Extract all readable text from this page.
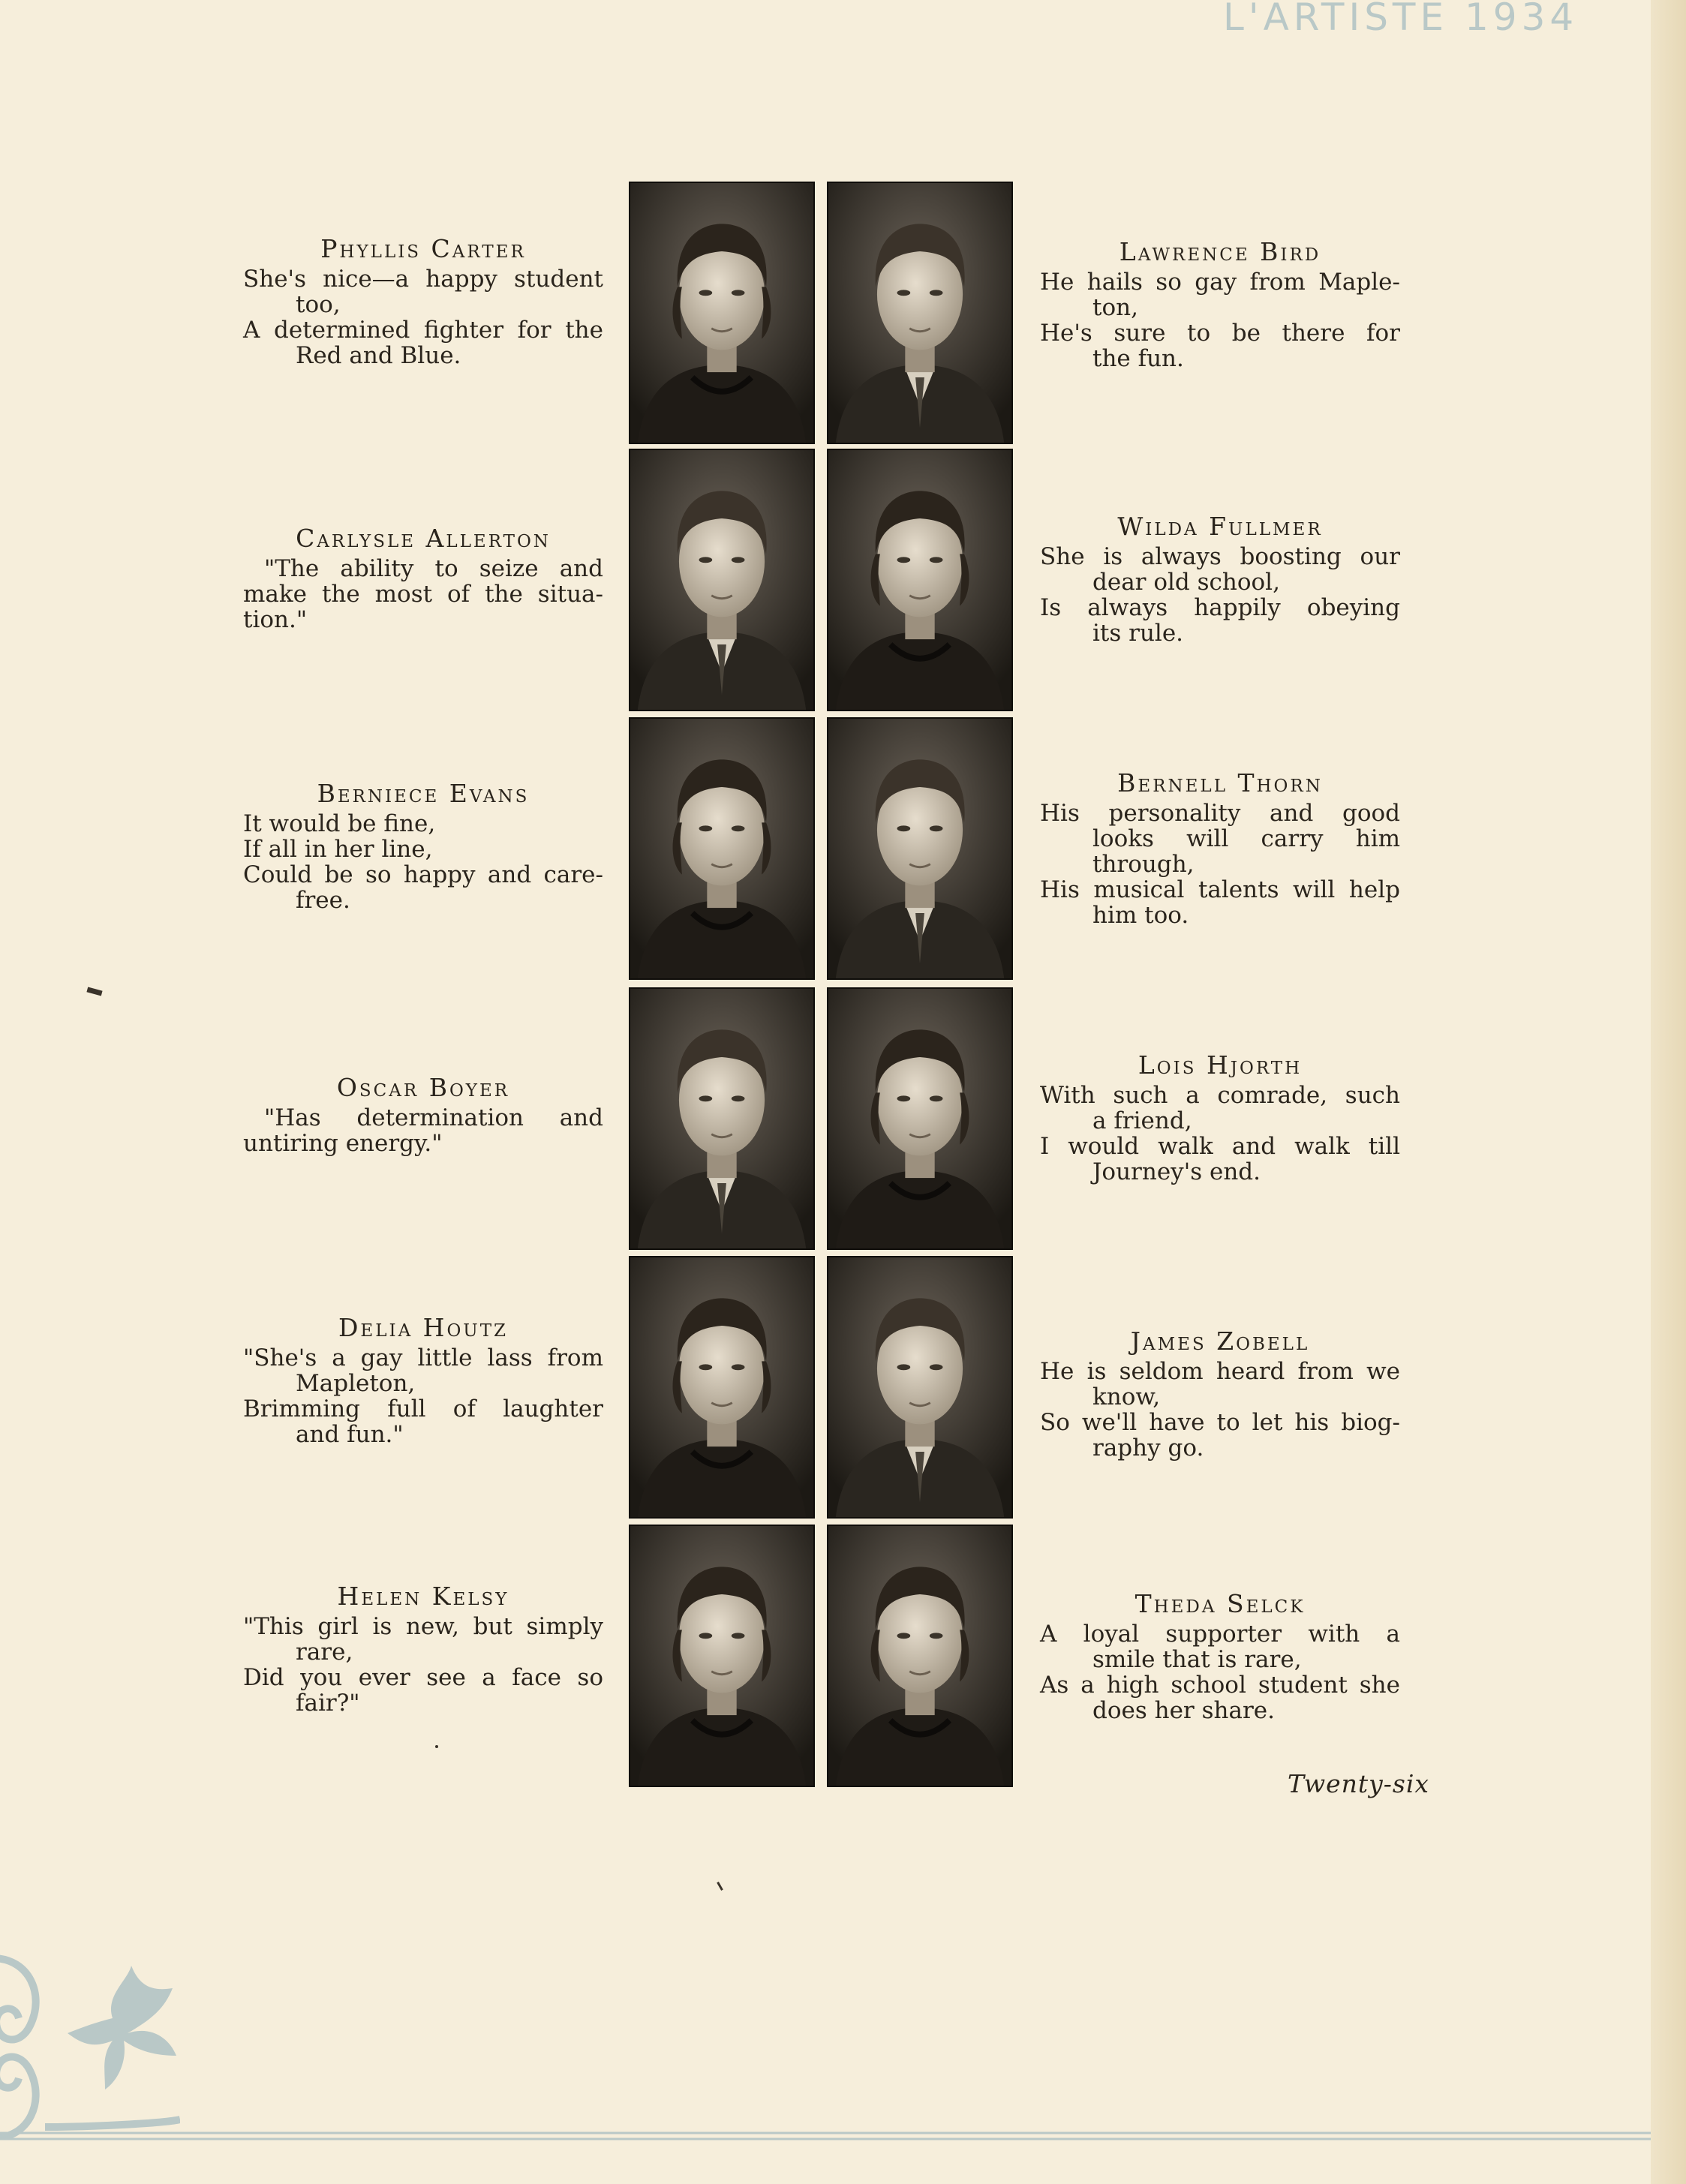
L'ARTISTE 1934
Phyllis Carter
She's nice—a happy student
too,
A determined fighter for the
Red and Blue.
Lawrence Bird
He hails so gay from Maple-
ton,
He's sure to be there for
the fun.
Carlysle Allerton
"The ability to seize and
make the most of the situa-
tion."
Wilda Fullmer
She is always boosting our
dear old school,
Is always happily obeying
its rule.
Berniece Evans
It would be fine,
If all in her line,
Could be so happy and care-
free.
Bernell Thorn
His personality and good
looks will carry him
through,
His musical talents will help
him too.
Oscar Boyer
"Has determination and
untiring energy."
Lois Hjorth
With such a comrade, such
a friend,
I would walk and walk till
Journey's end.
Delia Houtz
"She's a gay little lass from
Mapleton,
Brimming full of laughter
and fun."
James Zobell
He is seldom heard from we
know,
So we'll have to let his biog-
raphy go.
Helen Kelsy
"This girl is new, but simply
rare,
Did you ever see a face so
fair?"
Theda Selck
A loyal supporter with a
smile that is rare,
As a high school student she
does her share.
Twenty-six
